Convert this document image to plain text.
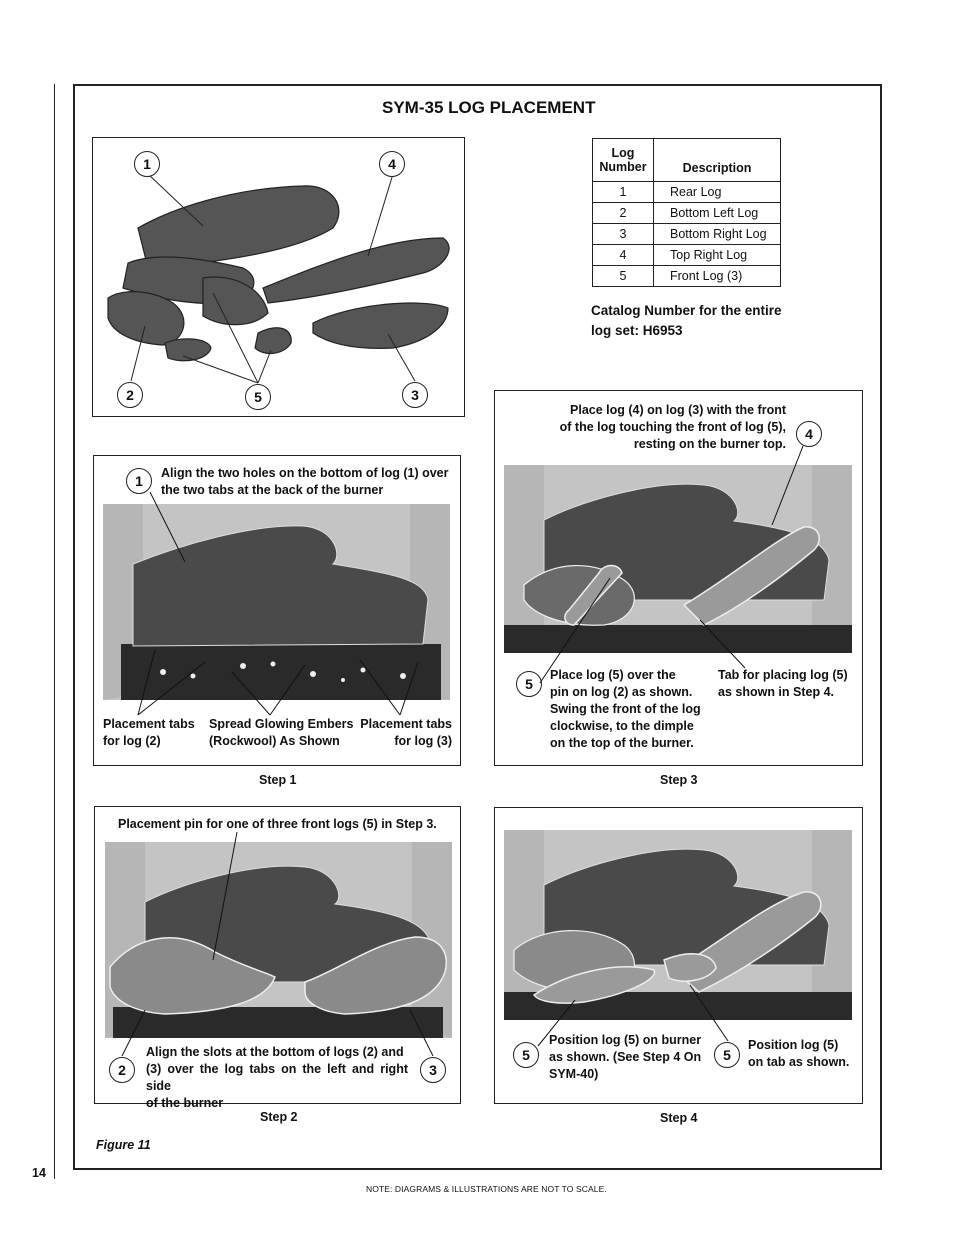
14
SYM-35 LOG PLACEMENT
1	4
2	5	3
Log
Number	Description
1	Rear Log
2	Bottom Left Log
3	Bottom Right Log
4	Top Right Log
5	Front Log (3)
Catalog Number for the entire
log set: H6953
1	Align the two holes on the bottom of log (1) over
the two tabs at the back of the burner
Placement tabs
for log (2)
Spread Glowing Embers
(Rockwool) As Shown
Placement tabs
for log (3)
Step 1
Placement pin for one of three front logs (5) in Step 3.
2	3
Align the slots at the bottom of logs (2) and
(3) over the log tabs on the left and right side
of the burner
Step 2
Place log (4) on log (3) with the front
of the log touching the front of log (5),
resting on the burner top.
4
5
Place log (5) over the
pin on log (2) as shown.
Swing the front of the log
clockwise, to the dimple
on the top of the burner.
Tab for placing log (5)
as shown in Step 4.
Step 3
5
Position log (5) on burner
as shown. (See Step 4 On
SYM-40)
5
Position log (5)
on tab as shown.
Step 4
Figure 11
NOTE: DIAGRAMS & ILLUSTRATIONS ARE NOT TO SCALE.
